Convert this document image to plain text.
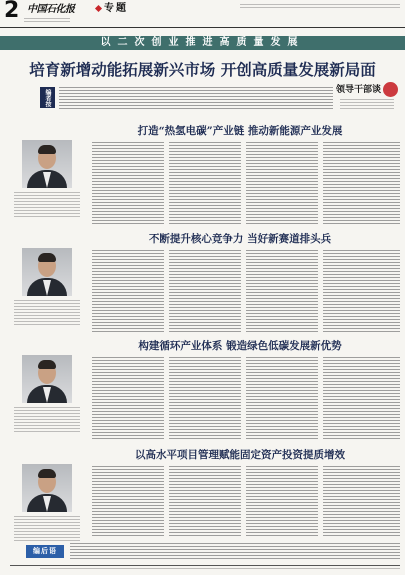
2 中国石化报	专题
以二次创业推进高质量发展
培育新增动能拓展新兴市场 开创高质量发展新局面
编者按	领导干部谈
打造“热氢电碳”产业链 推动新能源产业发展
不断提升核心竞争力 当好新赛道排头兵
构建循环产业体系 锻造绿色低碳发展新优势
以高水平项目管理赋能固定资产投资提质增效
编后语
